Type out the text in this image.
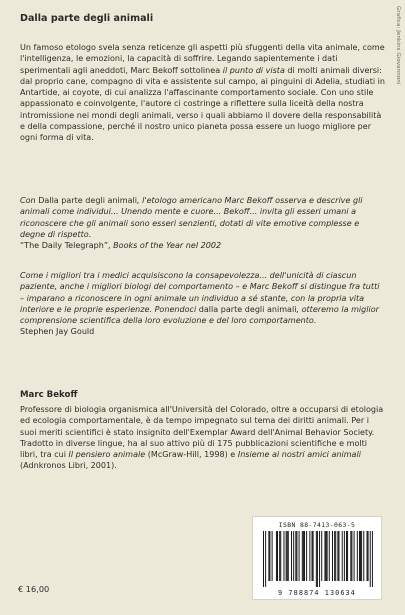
Grafica: Jenkins Giovannoni
Dalla parte degli animali

Un famoso etologo svela senza reticenze gli aspetti più sfuggenti della vita animale, come l'intelligenza, le emozioni, la capacità di soffrire. Legando sapientemente i dati sperimentali agli aneddoti, Marc Bekoff sottolinea il punto di vista di molti animali diversi: dal proprio cane, compagno di vita e assistente sul campo, ai pinguini di Adelia, studiati in Antartide, ai coyote, di cui analizza l'affascinante comportamento sociale. Con uno stile appassionato e coinvolgente, l'autore ci costringe a riflettere sulla liceità della nostra intromissione nei mondi degli animali, verso i quali abbiamo il dovere della responsabilità e della compassione, perché il nostro unico pianeta possa essere un luogo migliore per ogni forma di vita.

Con Dalla parte degli animali, l'etologo americano Marc Bekoff osserva e descrive gli animali come individui... Unendo mente e cuore... Bekoff... invita gli esseri umani a riconoscere che gli animali sono esseri senzienti, dotati di vite emotive complesse e degne di rispetto.

“The Daily Telegraph”, Books of the Year nel 2002

Come i migliori tra i medici acquisiscono la consapevolezza... dell'unicità di ciascun paziente, anche i migliori biologi del comportamento – e Marc Bekoff si distingue fra tutti – imparano a riconoscere in ogni animale un individuo a sé stante, con la propria vita interiore e le proprie esperienze. Ponendoci dalla parte degli animali, otteremo la miglior comprensione scientifica della loro evoluzione e del loro comportamento.

Stephen Jay Gould
Marc Bekoff

Professore di biologia organismica all'Università del Colorado, oltre a occuparsi di etologia ed ecologia comportamentale, è da tempo impegnato sul tema dei diritti animali. Per i suoi meriti scientifici è stato insignito dell'Exemplar Award dell'Animal Behavior Society. Tradotto in diverse lingue, ha al suo attivo più di 175 pubblicazioni scientifiche e molti libri, tra cui Il pensiero animale (McGraw-Hill, 1998) e Insieme ai nostri amici animali (Adnkronos Libri, 2001).

ISBN 88-7413-063-5
9 788874 130634
€ 16,00
